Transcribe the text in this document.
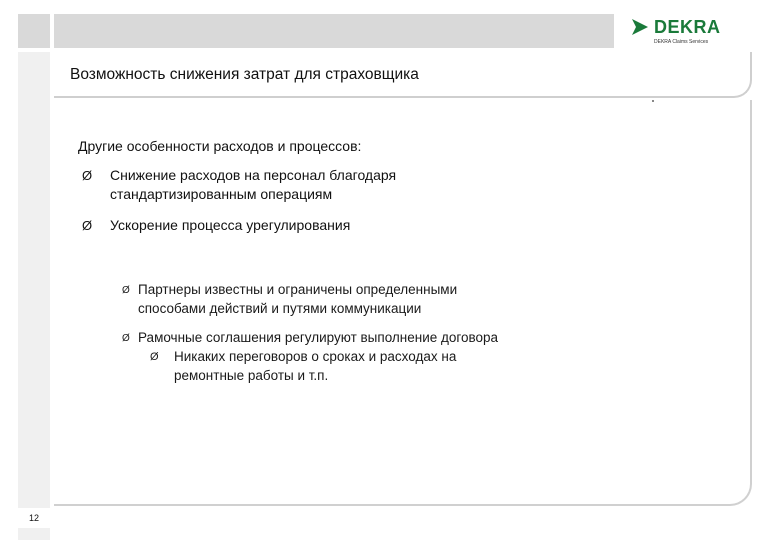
DEKRA
DEKRA Claims Services
Возможность снижения затрат для страховщика
Другие особенности расходов и процессов:
Ø Снижение расходов на персонал благодаря
стандартизированным операциям
Ø Ускорение процесса урегулирования
Ø Партнеры известны и ограничены определенными
способами действий и путями коммуникации
Ø Рамочные соглашения регулируют выполнение договора
Ø Никаких переговоров о сроках и расходах на
ремонтные работы и т.п.
12
